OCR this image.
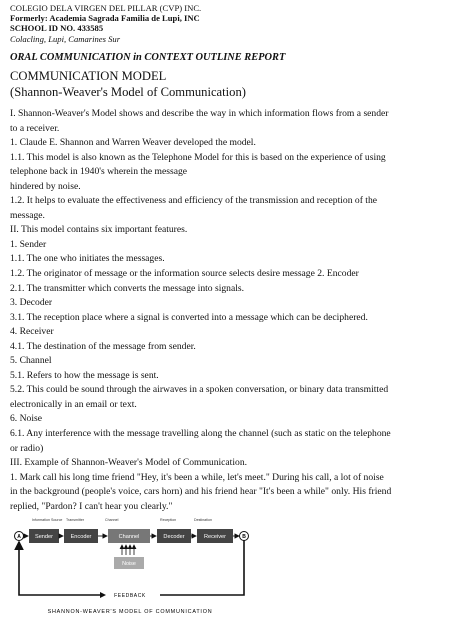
COLEGIO DELA VIRGEN DEL PILLAR (CVP) INC.
Formerly: Academia Sagrada Familia de Lupi, INC
SCHOOL ID NO. 433585
Colacling, Lupi, Camarines Sur
ORAL COMMUNICATION in CONTEXT OUTLINE REPORT
COMMUNICATION MODEL
(Shannon-Weaver's Model of Communication)

I. Shannon-Weaver's Model shows and describe the way in which information flows from a sender

to a receiver.

1. Claude E. Shannon and Warren Weaver developed the model.

1.1. This model is also known as the Telephone Model for this is based on the experience of using

telephone back in 1940's wherein the message

hindered by noise.

1.2. It helps to evaluate the effectiveness and efficiency of the transmission and reception of the

message.

II. This model contains six important features.

1. Sender

1.1. The one who initiates the messages.

1.2. The originator of message or the information source selects desire message 2. Encoder

2.1. The transmitter which converts the message into signals.

3. Decoder

3.1. The reception place where a signal is converted into a message which can be deciphered.

4. Receiver

4.1. The destination of the message from sender.

5. Channel

5.1. Refers to how the message is sent.

5.2. This could be sound through the airwaves in a spoken conversation, or binary data transmitted

electronically in an email or text.

6. Noise

6.1. Any interference with the message travelling along the channel (such as static on the telephone

or radio)

III. Example of Shannon-Weaver's Model of Communication.

1. Mark call his long time friend "Hey, it's been a while, let's meet." During his call, a lot of noise

in the background (people's voice, cars horn) and his friend hear "It's been a while" only. His friend

replied, "Pardon? I can't hear you clearly."

Information Source Transmitter	Channel	Reception	Destination
A	Sender	Encoder	Channel	Decoder	Receiver	B
Noise
FEEDBACK
SHANNON-WEAVER'S MODEL OF COMMUNICATION
